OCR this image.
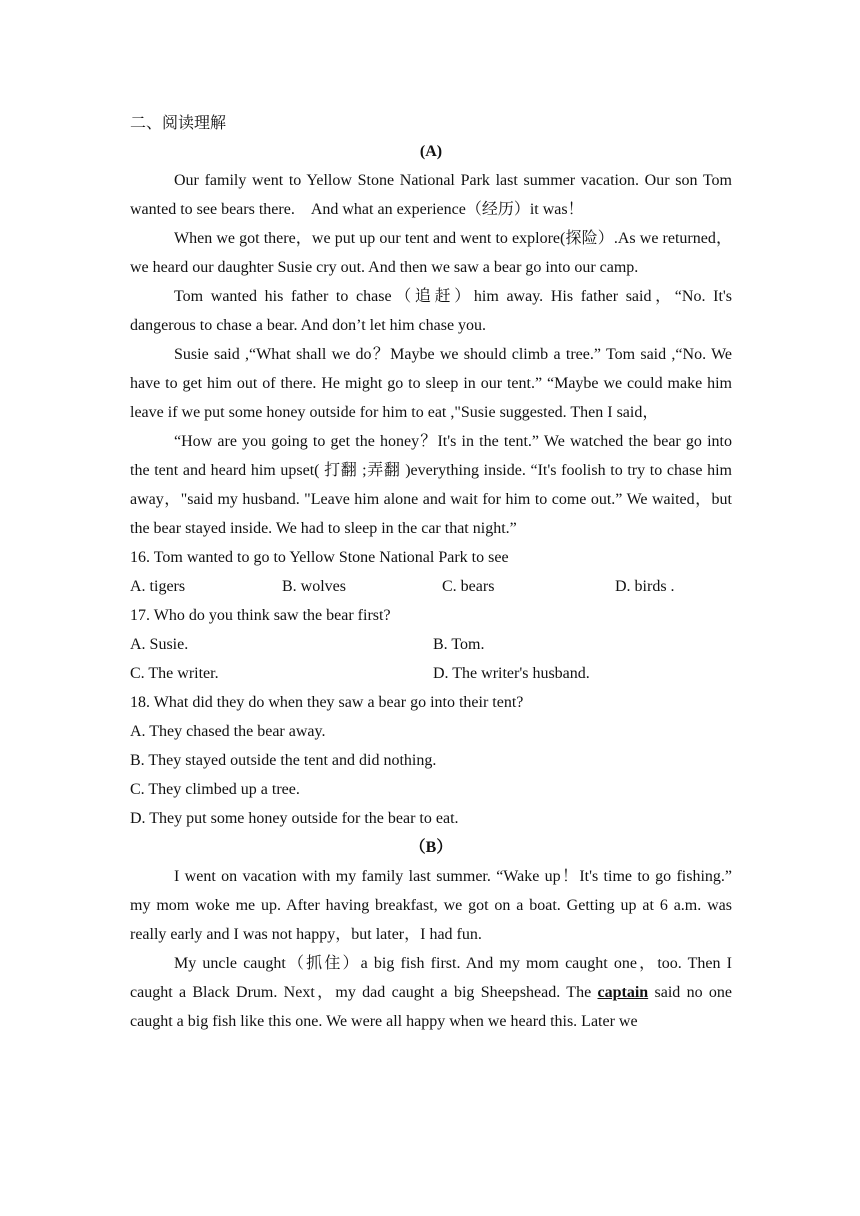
二、阅读理解
(A)

Our family went to Yellow Stone National Park last summer vacation. Our son Tom wanted to see bears there.    And what an experience（经历）it was！

When we got there，we put up our tent and went to explore(探险）.As we returned，we heard our daughter Susie cry out. And then we saw a bear go into our camp.

Tom wanted his father to chase（追赶）him away. His father said，“No. It's dangerous to chase a bear. And don’t let him chase you.

Susie said ,“What shall we do？Maybe we should climb a tree.” Tom said ,“No. We have to get him out of there. He might go to sleep in our tent.” “Maybe we could make him leave if we put some honey outside for him to eat ,"Susie suggested. Then I said，

“How are you going to get the honey？It's in the tent.” We watched the bear go into the tent and heard him upset( 打翻 ;弄翻 )everything inside. “It's foolish to try to chase him away，"said my husband. "Leave him alone and wait for him to come out.” We waited，but the bear stayed inside. We had to sleep in the car that night.”

16. Tom wanted to go to Yellow Stone National Park to see

A. tigers	B. wolves	C. bears	D. birds .

17. Who do you think saw the bear first?

A. Susie.	B. Tom.
C. The writer.	D. The writer's husband.

18. What did they do when they saw a bear go into their tent?

A. They chased the bear away.

B. They stayed outside the tent and did nothing.

C. They climbed up a tree.

D. They put some honey outside for the bear to eat.

（B）

I went on vacation with my family last summer. “Wake up！It's time to go fishing.” my mom woke me up. After having breakfast, we got on a boat. Getting up at 6 a.m. was really early and I was not happy，but later，I had fun.

My uncle caught（抓住）a big fish first. And my mom caught one，too. Then I caught a Black Drum. Next，my dad caught a big Sheepshead. The captain said no one caught a big fish like this one. We were all happy when we heard this. Later we
